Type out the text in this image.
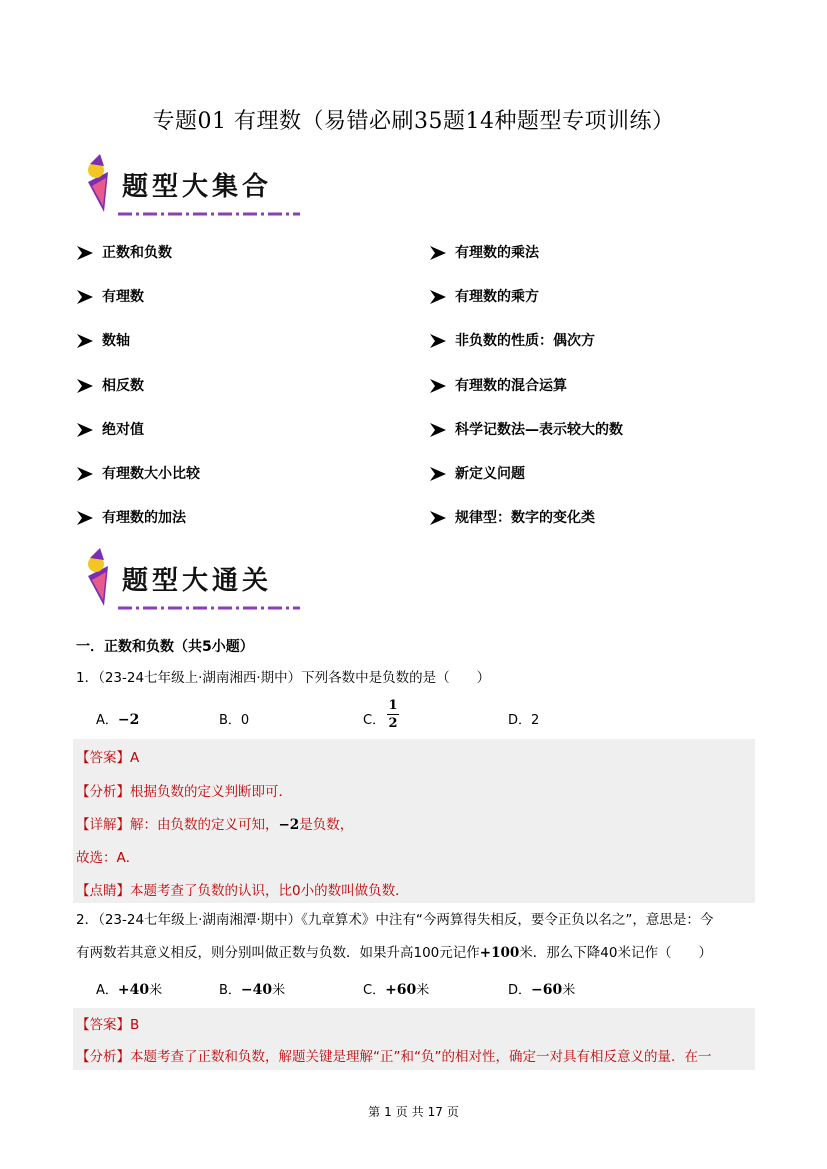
专题01 有理数（易错必刷35题14种题型专项训练）
题型大集合
正数和负数
有理数
数轴
相反数
绝对值
有理数大小比较
有理数的加法
有理数的乘法
有理数的乘方
非负数的性质：偶次方
有理数的混合运算
科学记数法—表示较大的数
新定义问题
规律型：数字的变化类
题型大通关
一．正数和负数（共5小题）
1．（23-24七年级上·湖南湘西·期中）下列各数中是负数的是（　　）
A．−2	B．0	C．
1
2	D．2
【答案】A
【分析】根据负数的定义判断即可．
【详解】解：由负数的定义可知，−2是负数，
故选：A．
【点睛】本题考查了负数的认识，比0小的数叫做负数．
2．（23-24七年级上·湖南湘潭·期中）《九章算术》中注有“今两算得失相反，要令正负以名之”，意思是：今
有两数若其意义相反，则分别叫做正数与负数．如果升高100元记作+100米．那么下降40米记作（　　）
A．+40米	B．−40米	C．+60米	D．−60米
【答案】B
【分析】本题考查了正数和负数，解题关键是理解“正”和“负”的相对性，确定一对具有相反意义的量．在一
第 1 页 共 17 页
